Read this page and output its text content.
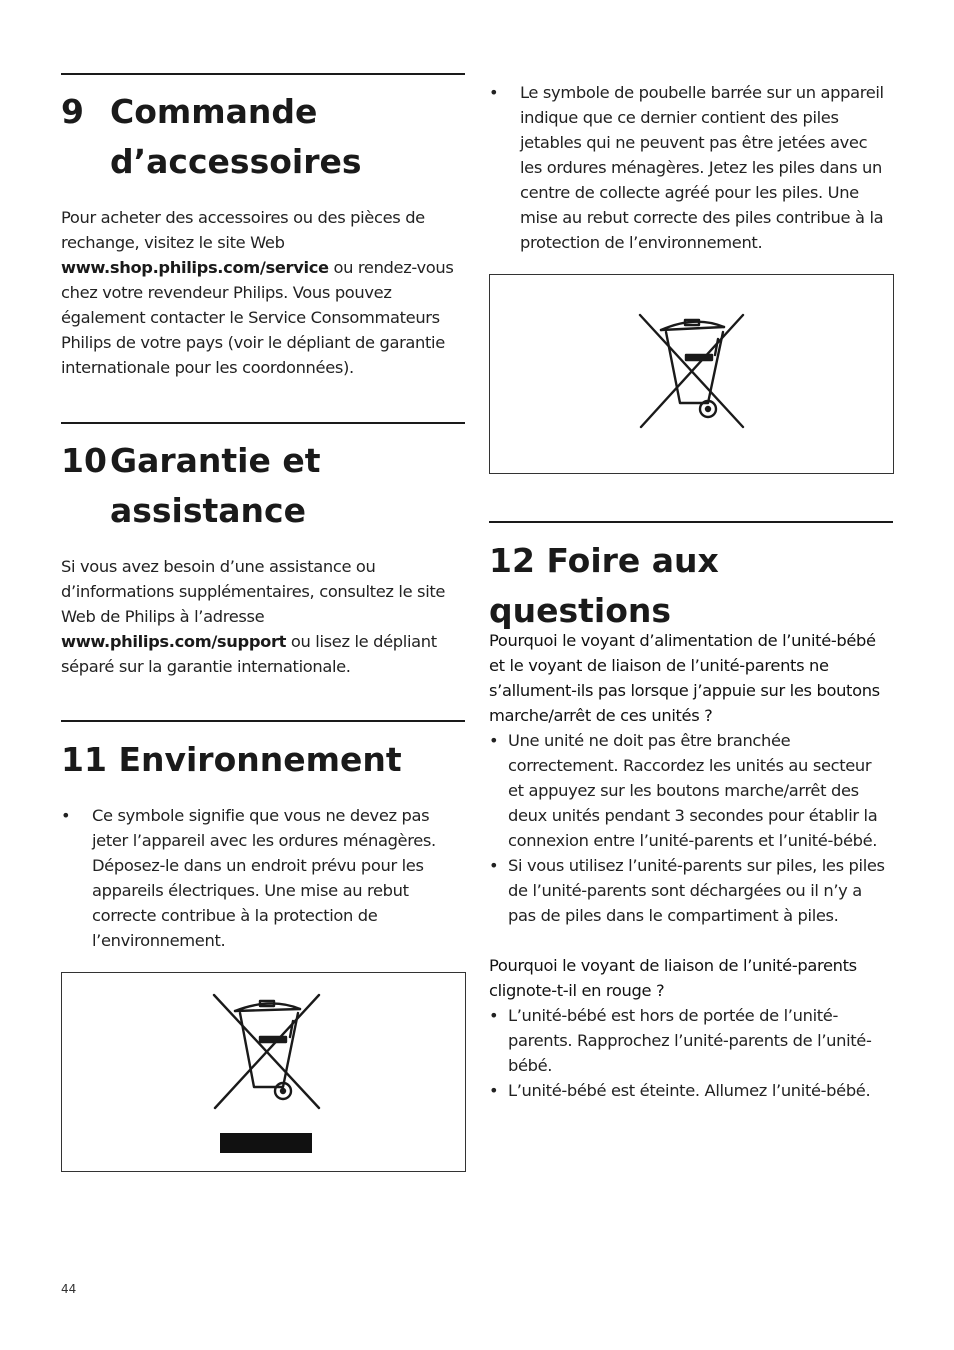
9 Commande
d’accessoires

Pour acheter des accessoires ou des pièces de rechange, visitez le site Web www.shop.philips.com/service ou rendez-vous chez votre revendeur Philips. Vous pouvez également contacter le Service Consommateurs Philips de votre pays (voir le dépliant de garantie internationale pour les coordonnées).

10Garantie et
assistance

Si vous avez besoin d’une assistance ou d’informations supplémentaires, consultez le site Web de Philips à l’adresse www.philips.com/support ou lisez le dépliant séparé sur la garantie internationale.

11 Environnement
• Ce symbole signifie que vous ne devez pas jeter l’appareil avec les ordures ménagères. Déposez-le dans un endroit prévu pour les appareils électriques. Une mise au rebut correcte contribue à la protection de l’environnement.
• Le symbole de poubelle barrée sur un appareil indique que ce dernier contient des piles jetables qui ne peuvent pas être jetées avec les ordures ménagères. Jetez les piles dans un centre de collecte agréé pour les piles. Une mise au rebut correcte des piles contribue à la protection de l’environnement.
12 Foire aux questions
Pourquoi le voyant d’alimentation de l’unité-bébé et le voyant de liaison de l’unité-parents ne s’allument-ils pas lorsque j’appuie sur les boutons marche/arrêt de ces unités ?
• Une unité ne doit pas être branchée correctement. Raccordez les unités au secteur et appuyez sur les boutons marche/arrêt des deux unités pendant 3 secondes pour établir la connexion entre l’unité-parents et l’unité-bébé.
• Si vous utilisez l’unité-parents sur piles, les piles de l’unité-parents sont déchargées ou il n’y a pas de piles dans le compartiment à piles.
Pourquoi le voyant de liaison de l’unité-parents clignote-t-il en rouge ?
• L’unité-bébé est hors de portée de l’unité-parents. Rapprochez l’unité-parents de l’unité-bébé.
• L’unité-bébé est éteinte. Allumez l’unité-bébé.
44
